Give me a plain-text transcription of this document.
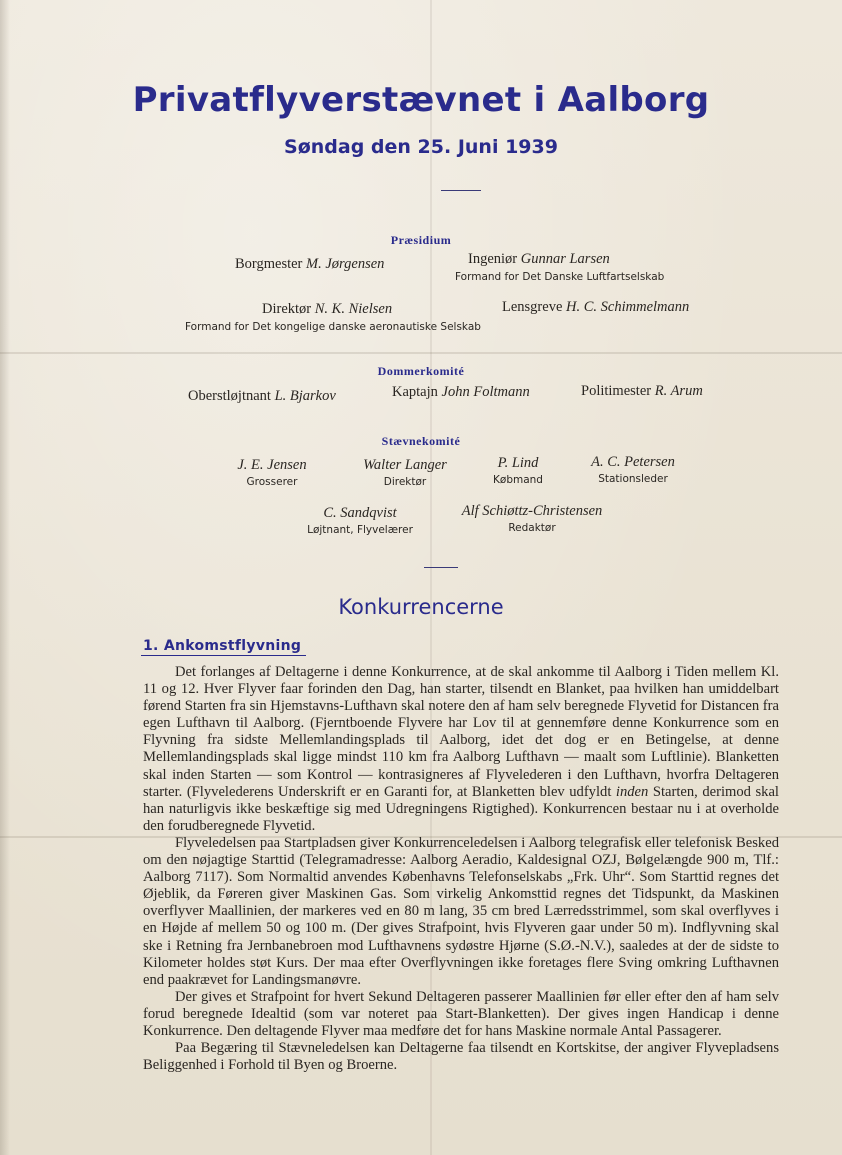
Privatflyverstævnet i Aalborg
Søndag den 25. Juni 1939
Præsidium
Borgmester M. Jørgensen	Ingeniør Gunnar Larsen
Formand for Det Danske Luftfartselskab
Direktør N. K. Nielsen
Formand for Det kongelige danske aeronautiske Selskab
Lensgreve H. C. Schimmelmann
Dommerkomité
Oberstløjtnant L. Bjarkov	Kaptajn John Foltmann	Politimester R. Arum
Stævnekomité
J. E. Jensen
Grosserer
Walter Langer
Direktør
P. Lind
Købmand
A. C. Petersen
Stationsleder
C. Sandqvist
Løjtnant, Flyvelærer
Alf Schiøttz-Christensen
Redaktør
Konkurrencerne
1. Ankomstflyvning

Det forlanges af Deltagerne i denne Konkurrence, at de skal ankomme til Aalborg i Tiden mellem Kl. 11 og 12. Hver Flyver faar forinden den Dag, han starter, tilsendt en Blanket, paa hvilken han umiddelbart førend Starten fra sin Hjemstavns-Lufthavn skal notere den af ham selv beregnede Flyvetid for Distancen fra egen Lufthavn til Aalborg. (Fjerntboende Flyvere har Lov til at gennemføre denne Konkurrence som en Flyvning fra sidste Mellemlandingsplads til Aalborg, idet det dog er en Betingelse, at denne Mellemlandingsplads skal ligge mindst 110 km fra Aalborg Lufthavn — maalt som Luftlinie). Blanketten skal inden Starten — som Kontrol — kontrasigneres af Flyvelederen i den Lufthavn, hvorfra Deltageren starter. (Flyvelederens Underskrift er en Garanti for, at Blanketten blev udfyldt inden Starten, derimod skal han naturligvis ikke beskæftige sig med Udregningens Rigtighed). Konkurrencen bestaar nu i at overholde den forudberegnede Flyvetid.

Flyveledelsen paa Startpladsen giver Konkurrenceledelsen i Aalborg telegrafisk eller telefonisk Besked om den nøjagtige Starttid (Telegramadresse: Aalborg Aeradio, Kaldesignal OZJ, Bølgelængde 900 m, Tlf.: Aalborg 7117). Som Normaltid anvendes Københavns Telefonselskabs „Frk. Uhr“. Som Starttid regnes det Øjeblik, da Føreren giver Maskinen Gas. Som virkelig Ankomsttid regnes det Tidspunkt, da Maskinen overflyver Maallinien, der markeres ved en 80 m lang, 35 cm bred Lærredsstrimmel, som skal overflyves i en Højde af mellem 50 og 100 m. (Der gives Strafpoint, hvis Flyveren gaar under 50 m). Indflyvning skal ske i Retning fra Jernbanebroen mod Lufthavnens sydøstre Hjørne (S.Ø.-N.V.), saaledes at der de sidste to Kilometer holdes støt Kurs. Der maa efter Overflyvningen ikke foretages flere Sving omkring Lufthavnen end paakrævet for Landingsmanøvre.

Der gives et Strafpoint for hvert Sekund Deltageren passerer Maallinien før eller efter den af ham selv forud beregnede Idealtid (som var noteret paa Start-Blanketten). Der gives ingen Handicap i denne Konkurrence. Den deltagende Flyver maa medføre det for hans Maskine normale Antal Passagerer.

Paa Begæring til Stævneledelsen kan Deltagerne faa tilsendt en Kortskitse, der angiver Flyvepladsens Beliggenhed i Forhold til Byen og Broerne.
